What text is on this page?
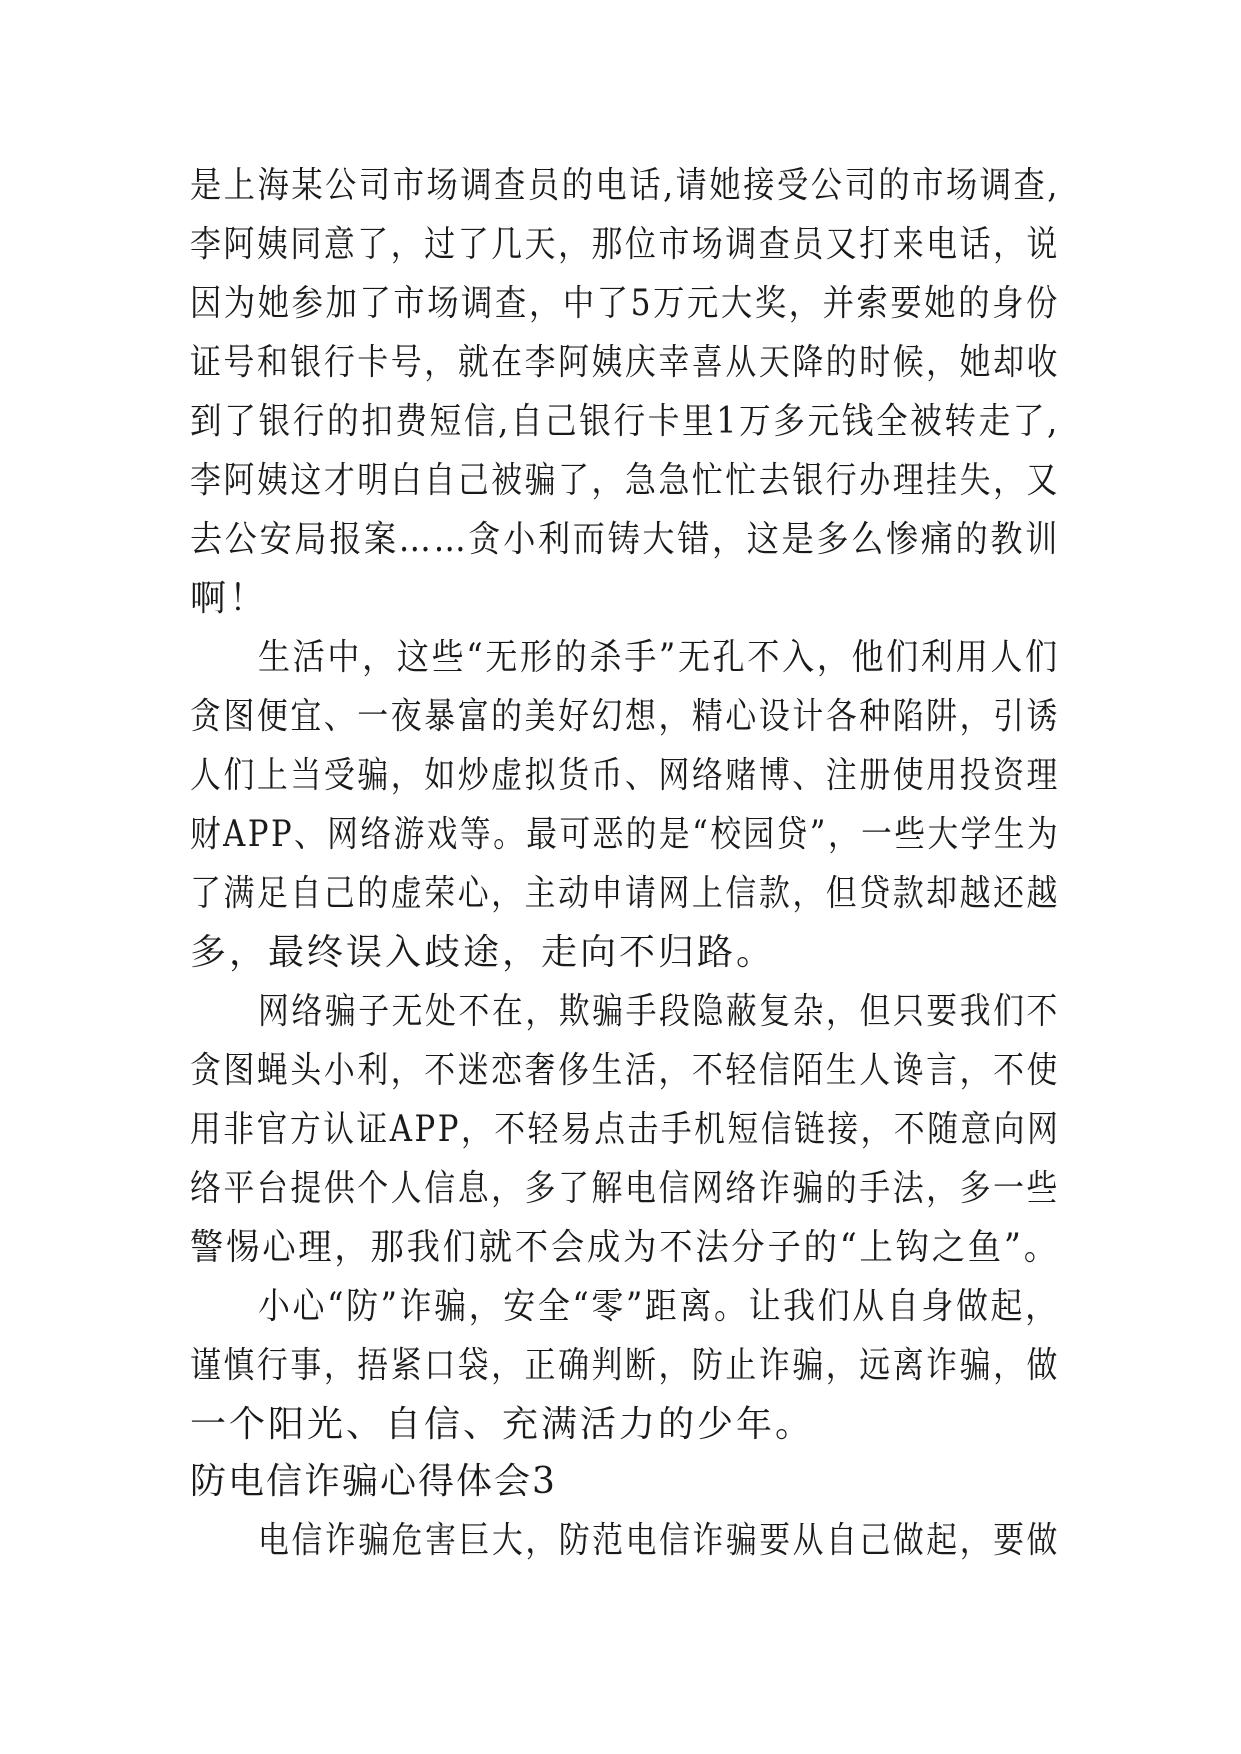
是上海某公司市场调查员的电话,请她接受公司的市场调查,
李阿姨同意了，过了几天，那位市场调查员又打来电话，说
因为她参加了市场调查，中了5万元大奖，并索要她的身份
证号和银行卡号，就在李阿姨庆幸喜从天降的时候，她却收
到了银行的扣费短信,自己银行卡里1万多元钱全被转走了,
李阿姨这才明白自己被骗了，急急忙忙去银行办理挂失，又
去公安局报案……贪小利而铸大错，这是多么惨痛的教训
啊！
生活中，这些“无形的杀手”无孔不入，他们利用人们
贪图便宜、一夜暴富的美好幻想，精心设计各种陷阱，引诱
人们上当受骗，如炒虚拟货币、网络赌博、注册使用投资理
财APP、网络游戏等。最可恶的是“校园贷”，一些大学生为
了满足自己的虚荣心，主动申请网上信款，但贷款却越还越
多，最终误入歧途，走向不归路。
网络骗子无处不在，欺骗手段隐蔽复杂，但只要我们不
贪图蝇头小利，不迷恋奢侈生活，不轻信陌生人谗言，不使
用非官方认证APP，不轻易点击手机短信链接，不随意向网
络平台提供个人信息，多了解电信网络诈骗的手法，多一些
警惕心理，那我们就不会成为不法分子的“上钩之鱼”。
小心“防”诈骗，安全“零”距离。让我们从自身做起，
谨慎行事，捂紧口袋，正确判断，防止诈骗，远离诈骗，做
一个阳光、自信、充满活力的少年。
防电信诈骗心得体会3
电信诈骗危害巨大，防范电信诈骗要从自己做起，要做
